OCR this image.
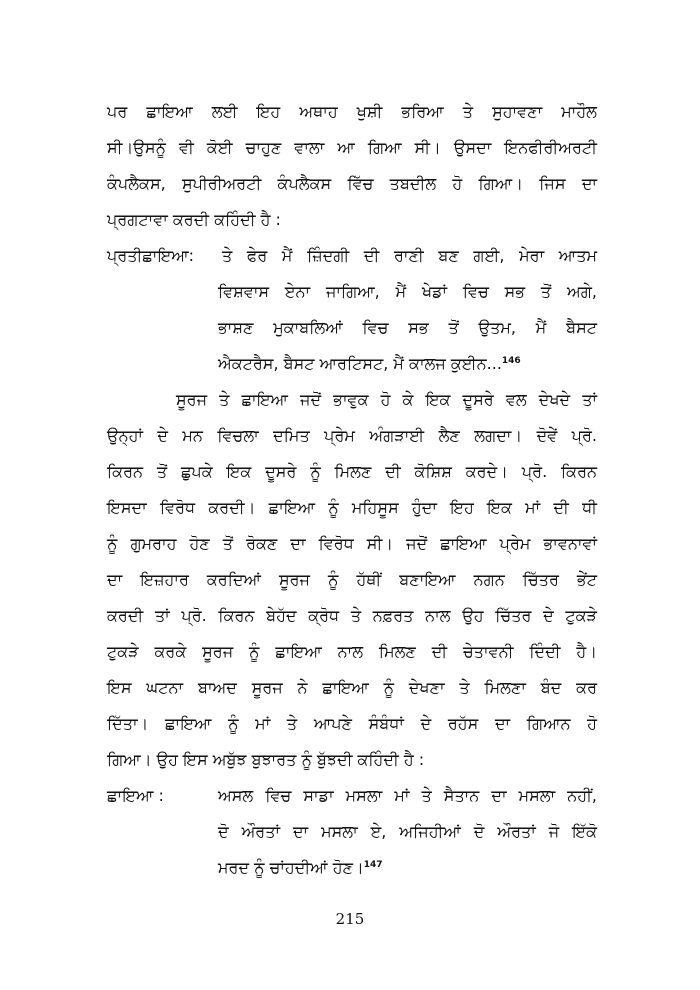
ਪਰ ਛਾਇਆ ਲਈ ਇਹ ਅਥਾਹ ਖੁਸ਼ੀ ਭਰਿਆ ਤੇ ਸੁਹਾਵਣਾ ਮਾਹੌਲ
ਸੀ।ਉਸਨੂੰ ਵੀ ਕੋਈ ਚਾਹੁਣ ਵਾਲਾ ਆ ਗਿਆ ਸੀ। ਉਸਦਾ ਇਨਫੀਰੀਅਰਟੀ
ਕੰਪਲੈਕਸ, ਸੁਪੀਰੀਅਰਟੀ ਕੰਪਲੈਕਸ ਵਿੱਚ ਤਬਦੀਲ ਹੋ ਗਿਆ। ਜਿਸ ਦਾ
ਪ੍ਰਗਟਾਵਾ ਕਰਦੀ ਕਹਿੰਦੀ ਹੈ :
ਪ੍ਰਤੀਛਾਇਆ: ਤੇ ਫੇਰ ਮੈਂ ਜ਼ਿੰਦਗੀ ਦੀ ਰਾਣੀ ਬਣ ਗਈ, ਮੇਰਾ ਆਤਮ
ਵਿਸ਼ਵਾਸ ਏਨਾ ਜਾਗਿਆ, ਮੈਂ ਖੇਡਾਂ ਵਿਚ ਸਭ ਤੋਂ ਅਗੇ,
ਭਾਸ਼ਣ ਮੁਕਾਬਲਿਆਂ ਵਿਚ ਸਭ ਤੋਂ ਉਤਮ, ਮੈਂ ਬੈਸਟ
ਐਕਟਰੈਸ, ਬੈਸਟ ਆਰਟਿਸਟ, ਮੈਂ ਕਾਲਜ ਕੁਈਨ...$^{146}$
ਸੂਰਜ ਤੇ ਛਾਇਆ ਜਦੋਂ ਭਾਵੁਕ ਹੋ ਕੇ ਇਕ ਦੂਸਰੇ ਵਲ ਦੇਖਦੇ ਤਾਂ
ਉਨ੍ਹਾਂ ਦੇ ਮਨ ਵਿਚਲਾ ਦਮਿਤ ਪ੍ਰੇਮ ਅੰਗੜਾਈ ਲੈਣ ਲਗਦਾ। ਦੋਵੇਂ ਪ੍ਰੋ.
ਕਿਰਨ ਤੋਂ ਛੁਪਕੇ ਇਕ ਦੂਸਰੇ ਨੂੰ ਮਿਲਣ ਦੀ ਕੋਸ਼ਿਸ਼ ਕਰਦੇ। ਪ੍ਰੋ. ਕਿਰਨ
ਇਸਦਾ ਵਿਰੋਧ ਕਰਦੀ। ਛਾਇਆ ਨੂੰ ਮਹਿਸੂਸ ਹੁੰਦਾ ਇਹ ਇਕ ਮਾਂ ਦੀ ਧੀ
ਨੂੰ ਗੁਮਰਾਹ ਹੋਣ ਤੋਂ ਰੋਕਣ ਦਾ ਵਿਰੋਧ ਸੀ। ਜਦੋਂ ਛਾਇਆ ਪ੍ਰੇਮ ਭਾਵਨਾਵਾਂ
ਦਾ ਇਜ਼ਹਾਰ ਕਰਦਿਆਂ ਸੂਰਜ ਨੂੰ ਹੱਥੀਂ ਬਣਾਇਆ ਨਗਨ ਚਿੱਤਰ ਭੇਂਟ
ਕਰਦੀ ਤਾਂ ਪ੍ਰੋ. ਕਿਰਨ ਬੇਹੱਦ ਕ੍ਰੋਧ ਤੇ ਨਫ਼ਰਤ ਨਾਲ ਉਹ ਚਿੱਤਰ ਦੇ ਟੁਕੜੇ
ਟੁਕੜੇ ਕਰਕੇ ਸੂਰਜ ਨੂੰ ਛਾਇਆ ਨਾਲ ਮਿਲਣ ਦੀ ਚੇਤਾਵਨੀ ਦਿੰਦੀ ਹੈ।
ਇਸ ਘਟਨਾ ਬਾਅਦ ਸੂਰਜ ਨੇ ਛਾਇਆ ਨੂੰ ਦੇਖਣਾ ਤੇ ਮਿਲਣਾ ਬੰਦ ਕਰ
ਦਿੱਤਾ। ਛਾਇਆ ਨੂੰ ਮਾਂ ਤੇ ਆਪਣੇ ਸੰਬੰਧਾਂ ਦੇ ਰਹੱਸ ਦਾ ਗਿਆਨ ਹੋ
ਗਿਆ। ਉਹ ਇਸ ਅਬੁੱਝ ਬੁਝਾਰਤ ਨੂੰ ਬੁੱਝਦੀ ਕਹਿੰਦੀ ਹੈ :
ਛਾਇਆ :	ਅਸਲ ਵਿਚ ਸਾਡਾ ਮਸਲਾ ਮਾਂ ਤੇ ਸੈਤਾਨ ਦਾ ਮਸਲਾ ਨਹੀਂ,
ਦੋ ਔਰਤਾਂ ਦਾ ਮਸਲਾ ਏ, ਅਜਿਹੀਆਂ ਦੋ ਔਰਤਾਂ ਜੋ ਇੱਕੋ
ਮਰਦ ਨੂੰ ਚਾਂਹਦੀਆਂ ਹੋਣ।$^{147}$
215
